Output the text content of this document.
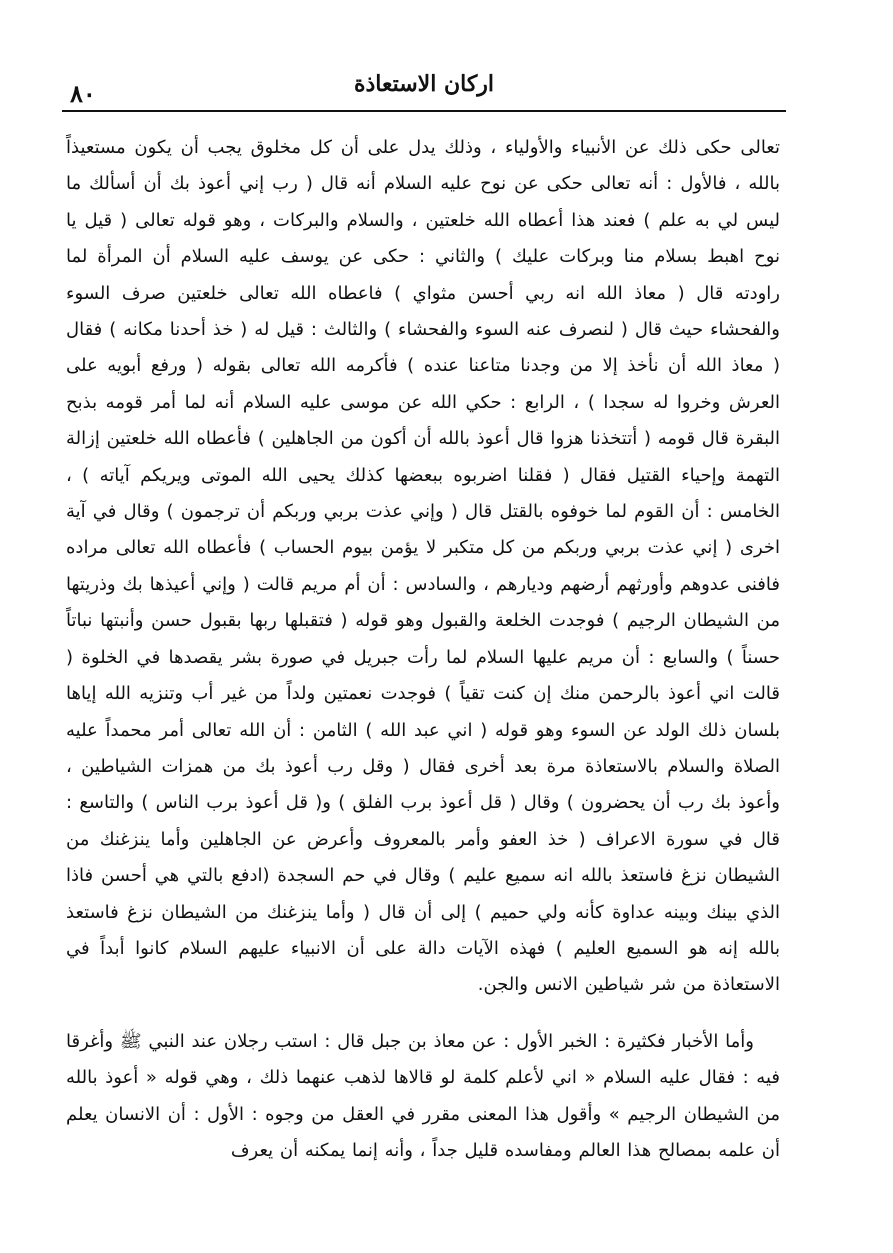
اركان الاستعاذة
٨٠

تعالى حكى ذلك عن الأنبياء والأولياء ، وذلك يدل على أن كل مخلوق يجب أن يكون مستعيذاً بالله ، فالأول : أنه تعالى حكى عن نوح عليه السلام أنه قال ( رب إني أعوذ بك أن أسألك ما ليس لي به علم ) فعند هذا أعطاه الله خلعتين ، والسلام والبركات ، وهو قوله تعالى ( قيل يا نوح اهبط بسلام منا وبركات عليك ) والثاني : حكى عن يوسف عليه السلام أن المرأة لما راودته قال ( معاذ الله انه ربي أحسن مثواي ) فاعطاه الله تعالى خلعتين صرف السوء والفحشاء حيث قال ( لنصرف عنه السوء والفحشاء ) والثالث : قيل له ( خذ أحدنا مكانه ) فقال ( معاذ الله أن نأخذ إلا من وجدنا متاعنا عنده ) فأكرمه الله تعالى بقوله ( ورفع أبويه على العرش وخروا له سجدا ) ، الرابع : حكي الله عن موسى عليه السلام أنه لما أمر قومه بذبح البقرة قال قومه ( أتتخذنا هزوا قال أعوذ بالله أن أكون من الجاهلين ) فأعطاه الله خلعتين إزالة التهمة وإحياء القتيل فقال ( فقلنا اضربوه ببعضها كذلك يحيى الله الموتى ويريكم آياته ) ، الخامس : أن القوم لما خوفوه بالقتل قال ( وإني عذت بربي وربكم أن ترجمون ) وقال في آية اخرى ( إني عذت بربي وربكم من كل متكبر لا يؤمن بيوم الحساب ) فأعطاه الله تعالى مراده فافنى عدوهم وأورثهم أرضهم وديارهم ، والسادس : أن أم مريم قالت ( وإني أعيذها بك وذريتها من الشيطان الرجيم ) فوجدت الخلعة والقبول وهو قوله ( فتقبلها ربها بقبول حسن وأنبتها نباتاً حسناً ) والسابع : أن مريم عليها السلام لما رأت جبريل في صورة بشر يقصدها في الخلوة ( قالت اني أعوذ بالرحمن منك إن كنت تقياً ) فوجدت نعمتين ولداً من غير أب وتنزيه الله إياها بلسان ذلك الولد عن السوء وهو قوله ( اني عبد الله ) الثامن : أن الله تعالى أمر محمداً عليه الصلاة والسلام بالاستعاذة مرة بعد أخرى فقال ( وقل رب أعوذ بك من همزات الشياطين ، وأعوذ بك رب أن يحضرون ) وقال ( قل أعوذ برب الفلق ) و( قل أعوذ برب الناس ) والتاسع : قال في سورة الاعراف ( خذ العفو وأمر بالمعروف وأعرض عن الجاهلين وأما ينزغنك من الشيطان نزغ فاستعذ بالله انه سميع عليم ) وقال في حم السجدة (ادفع بالتي هي أحسن فاذا الذي بينك وبينه عداوة كأنه ولي حميم ) إلى أن قال ( وأما ينزغنك من الشيطان نزغ فاستعذ بالله إنه هو السميع العليم ) فهذه الآيات دالة على أن الانبياء عليهم السلام كانوا أبداً في الاستعاذة من شر شياطين الانس والجن.

وأما الأخبار فكثيرة : الخبر الأول : عن معاذ بن جبل قال : استب رجلان عند النبي ﷺ وأغرقا فيه : فقال عليه السلام « اني لأعلم كلمة لو قالاها لذهب عنهما ذلك ، وهي قوله « أعوذ بالله من الشيطان الرجيم » وأقول هذا المعنى مقرر في العقل من وجوه : الأول : أن الانسان يعلم أن علمه بمصالح هذا العالم ومفاسده قليل جداً ، وأنه إنما يمكنه أن يعرف
